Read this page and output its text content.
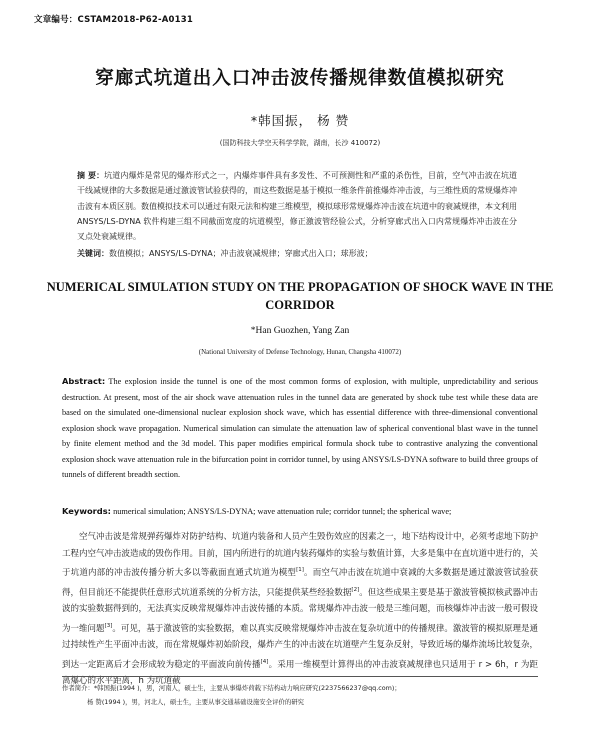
文章编号：CSTAM2018-P62-A0131
穿廊式坑道出入口冲击波传播规律数值模拟研究
*韩国振， 杨 赞
(国防科技大学空天科学学院，湖南，长沙 410072)
摘 要：坑道内爆炸是常见的爆炸形式之一，内爆炸事件具有多发性、不可预测性和严重的杀伤性，目前，空气冲击波在坑道干线减规律的大多数据是通过激波管试验获得的，而这些数据是基于模拟一维条件前推爆炸冲击波，与三维性质的常规爆炸冲击波有本质区别。数值模拟技术可以通过有限元法和构建三维模型，模拟球形常规爆炸冲击波在坑道中的衰减规律，本文利用 ANSYS/LS-DYNA 软件构建三组不同截面宽度的坑道模型，修正激波管经验公式，分析穿廊式出入口内常规爆炸冲击波在分叉点处衰减规律。
关键词：数值模拟；ANSYS/LS-DYNA；冲击波衰减规律；穿廊式出入口；球形波；
NUMERICAL SIMULATION STUDY ON THE PROPAGATION OF SHOCK WAVE IN THE CORRIDOR
*Han Guozhen, Yang Zan
(National University of Defense Technology, Hunan, Changsha 410072)
Abstract: The explosion inside the tunnel is one of the most common forms of explosion, with multiple, unpredictability and serious destruction. At present, most of the air shock wave attenuation rules in the tunnel data are generated by shock tube test while these data are based on the simulated one-dimensional nuclear explosion shock wave, which has essential difference with three-dimensional conventional explosion shock wave propagation. Numerical simulation can simulate the attenuation law of spherical conventional blast wave in the tunnel by finite element method and the 3d model. This paper modifies empirical formula shock tube to contrastive analyzing the conventional explosion shock wave attenuation rule in the bifurcation point in corridor tunnel, by using ANSYS/LS-DYNA software to build three groups of tunnels of different breadth section.
Keywords: numerical simulation; ANSYS/LS-DYNA; wave attenuation rule; corridor tunnel; the spherical wave;
空气冲击波是常规弹药爆炸对防护结构、坑道内装备和人员产生毁伤效应的因素之一，地下结构设计中，必须考虑地下防护工程内空气冲击波造成的毁伤作用。目前，国内所进行的坑道内装药爆炸的实验与数值计算，大多是集中在直坑道中进行的，关于坑道内部的冲击波传播分析大多以等截面直通式坑道为模型[1]。而空气冲击波在坑道中衰减的大多数据是通过激波管试验获得，但目前还不能提供任意形式坑道系统的分析方法，只能提供某些经验数据[2]。但这些成果主要是基于激波管模拟核武器冲击波的实验数据得到的，无法真实反映常规爆炸冲击波传播的本质。常规爆炸冲击波一般是三维问题，而核爆炸冲击波一般可假设为一维问题[3]。可见，基于激波管的实验数据，难以真实反映常规爆炸冲击波在复杂坑道中的传播规律。激波管的模拟原理是通过持续性产生平面冲击波，而在常规爆炸初始阶段，爆炸产生的冲击波在坑道壁产生复杂反射，导致近场的爆炸流场比较复杂，到达一定距离后才会形成较为稳定的平面波向前传播[4]。采用一维模型计算得出的冲击波衰减规律也只适用于 r > 6h，r 为距离爆心的水平距离，h 为坑道截
作者简介：*韩国振(1994 )，男，河南人，硕士生，主要从事爆炸荷载下结构动力响应研究(2237566237@qq.com)；
杨 赞(1994 )，男，河北人，硕士生，主要从事交通基础设施安全评价的研究
